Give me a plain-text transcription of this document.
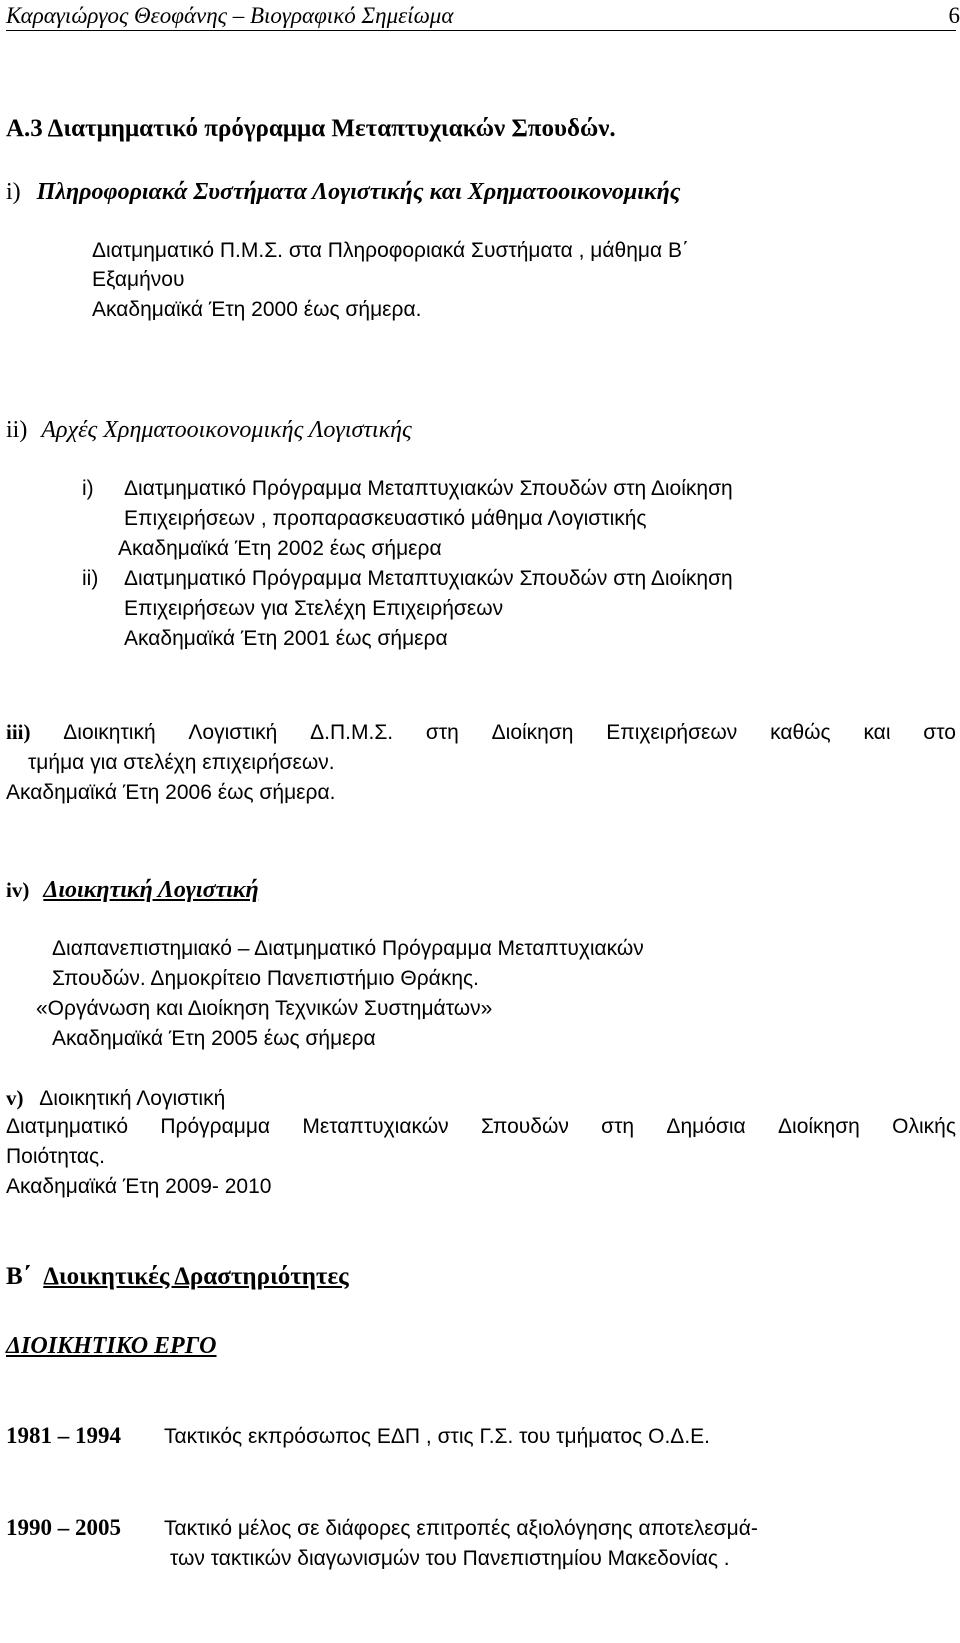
Καραγιώργος Θεοφάνης – Βιογραφικό Σημείωμα	6
Α.3 Διατμηματικό πρόγραμμα Μεταπτυχιακών Σπουδών.
i) Πληροφοριακά Συστήματα Λογιστικής και Χρηματοοικονομικής
Διατμηματικό Π.Μ.Σ. στα Πληροφοριακά Συστήματα , μάθημα Β΄
Εξαμήνου
Ακαδημαϊκά Έτη 2000 έως σήμερα.
ii) Αρχές Χρηματοοικονομικής Λογιστικής
i) Διατμηματικό Πρόγραμμα Μεταπτυχιακών Σπουδών στη Διοίκηση
Επιχειρήσεων , προπαρασκευαστικό μάθημα Λογιστικής
Ακαδημαϊκά Έτη 2002 έως σήμερα
ii) Διατμηματικό Πρόγραμμα Μεταπτυχιακών Σπουδών στη Διοίκηση
Επιχειρήσεων για Στελέχη Επιχειρήσεων
Ακαδημαϊκά Έτη 2001 έως σήμερα
iii) Διοικητική Λογιστική Δ.Π.Μ.Σ. στη Διοίκηση Επιχειρήσεων καθώς και στο
τμήμα για στελέχη επιχειρήσεων.
Ακαδημαϊκά Έτη 2006 έως σήμερα.
iv) Διοικητική Λογιστική
Διαπανεπιστημιακό – Διατμηματικό Πρόγραμμα Μεταπτυχιακών
Σπουδών. Δημοκρίτειο Πανεπιστήμιο Θράκης.
«Οργάνωση και Διοίκηση Τεχνικών Συστημάτων»
Ακαδημαϊκά Έτη 2005 έως σήμερα
v) Διοικητική Λογιστική
Διατμηματικό Πρόγραμμα Μεταπτυχιακών Σπουδών στη Δημόσια Διοίκηση Ολικής
Ποιότητας.
Ακαδημαϊκά Έτη 2009- 2010
Β΄ Διοικητικές Δραστηριότητες
ΔΙΟΙΚΗΤΙΚΟ ΕΡΓΟ
1981 – 1994 Τακτικός εκπρόσωπος ΕΔΠ , στις Γ.Σ. του τμήματος Ο.Δ.Ε.
1990 – 2005 Τακτικό μέλος σε διάφορες επιτροπές αξιολόγησης αποτελεσμά-
των τακτικών διαγωνισμών του Πανεπιστημίου Μακεδονίας .
